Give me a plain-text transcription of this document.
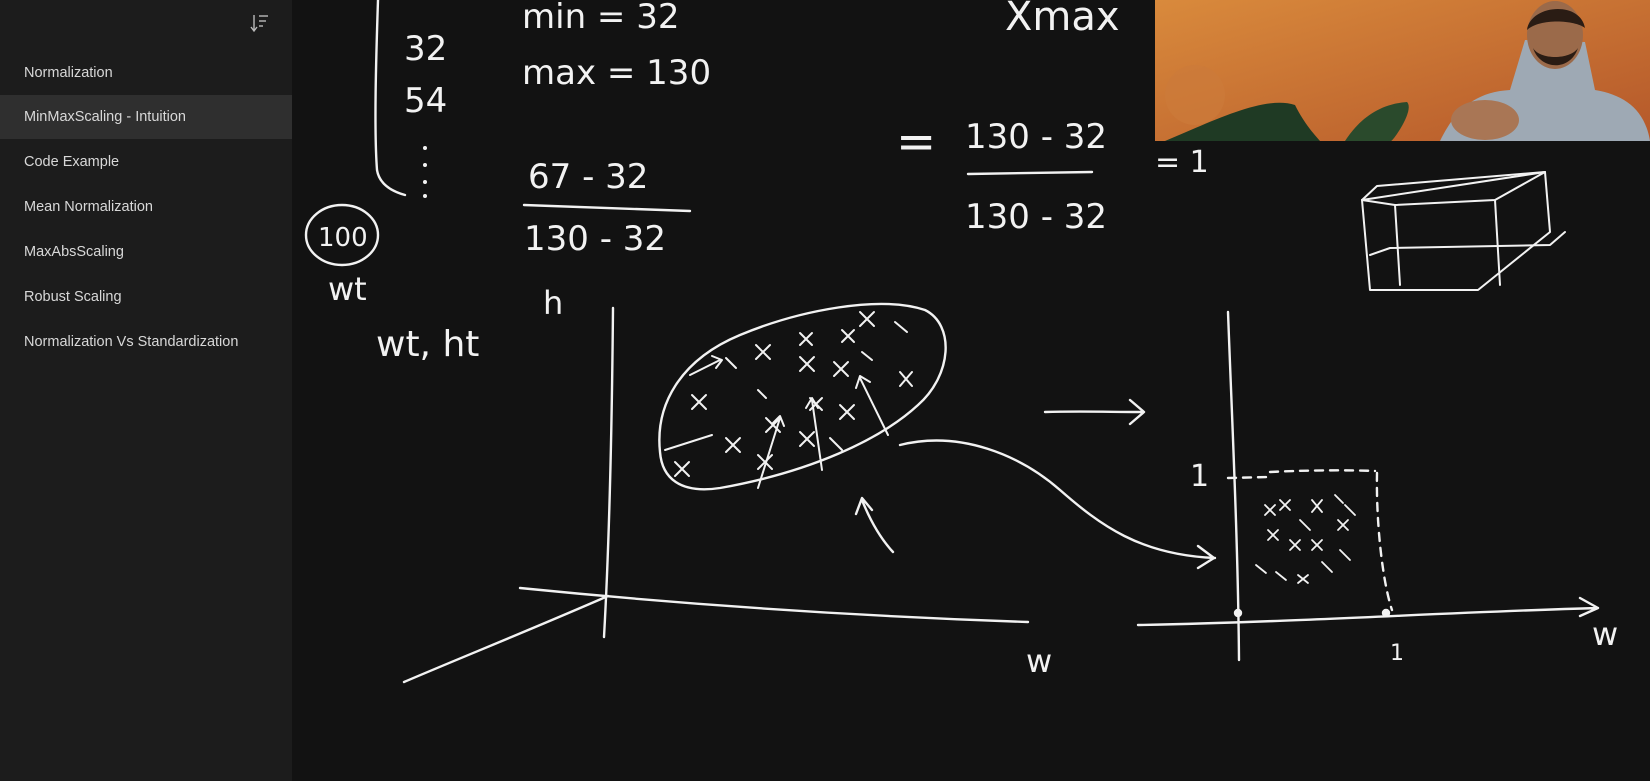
Normalization
MinMaxScaling - Intuition
Code Example
Mean Normalization
MaxAbsScaling
Robust Scaling
Normalization Vs Standardization
32
54
min = 32
max = 130
67 - 32
130 - 32
Xmax
= 130 - 32
130 - 32
= 1
100
wt
wt, ht
h
w
1
1
w
